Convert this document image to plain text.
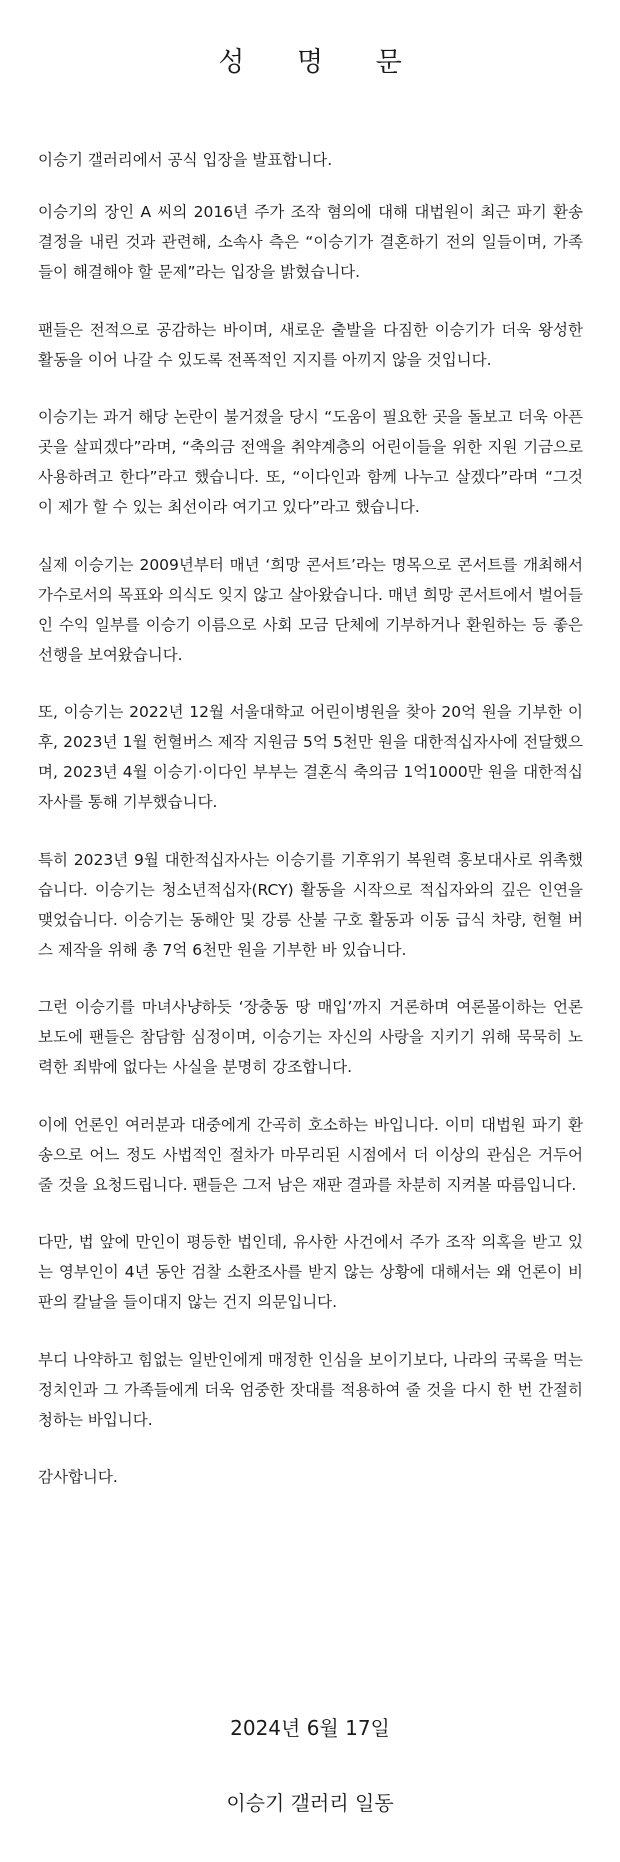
성 명 문

이승기 갤러리에서 공식 입장을 발표합니다.

이승기의 장인 A 씨의 2016년 주가 조작 혐의에 대해 대법원이 최근 파기 환송 결정을 내린 것과 관련해, 소속사 측은 “이승기가 결혼하기 전의 일들이며, 가족들이 해결해야 할 문제”라는 입장을 밝혔습니다.

팬들은 전적으로 공감하는 바이며, 새로운 출발을 다짐한 이승기가 더욱 왕성한 활동을 이어 나갈 수 있도록 전폭적인 지지를 아끼지 않을 것입니다.

이승기는 과거 해당 논란이 불거졌을 당시 “도움이 필요한 곳을 돌보고 더욱 아픈 곳을 살피겠다”라며, “축의금 전액을 취약계층의 어린이들을 위한 지원 기금으로 사용하려고 한다”라고 했습니다. 또, “이다인과 함께 나누고 살겠다”라며 “그것이 제가 할 수 있는 최선이라 여기고 있다”라고 했습니다.

실제 이승기는 2009년부터 매년 ‘희망 콘서트’라는 명목으로 콘서트를 개최해서 가수로서의 목표와 의식도 잊지 않고 살아왔습니다. 매년 희망 콘서트에서 벌어들인 수익 일부를 이승기 이름으로 사회 모금 단체에 기부하거나 환원하는 등 좋은 선행을 보여왔습니다.

또, 이승기는 2022년 12월 서울대학교 어린이병원을 찾아 20억 원을 기부한 이후, 2023년 1월 헌혈버스 제작 지원금 5억 5천만 원을 대한적십자사에 전달했으며, 2023년 4월 이승기·이다인 부부는 결혼식 축의금 1억1000만 원을 대한적십자사를 통해 기부했습니다.

특히 2023년 9월 대한적십자사는 이승기를 기후위기 복원력 홍보대사로 위촉했습니다. 이승기는 청소년적십자(RCY) 활동을 시작으로 적십자와의 깊은 인연을 맺었습니다. 이승기는 동해안 및 강릉 산불 구호 활동과 이동 급식 차량, 헌혈 버스 제작을 위해 총 7억 6천만 원을 기부한 바 있습니다.

그런 이승기를 마녀사냥하듯 ‘장충동 땅 매입’까지 거론하며 여론몰이하는 언론 보도에 팬들은 참담함 심정이며, 이승기는 자신의 사랑을 지키기 위해 묵묵히 노력한 죄밖에 없다는 사실을 분명히 강조합니다.

이에 언론인 여러분과 대중에게 간곡히 호소하는 바입니다. 이미 대법원 파기 환송으로 어느 정도 사법적인 절차가 마무리된 시점에서 더 이상의 관심은 거두어 줄 것을 요청드립니다. 팬들은 그저 남은 재판 결과를 차분히 지켜볼 따름입니다.

다만, 법 앞에 만인이 평등한 법인데, 유사한 사건에서 주가 조작 의혹을 받고 있는 영부인이 4년 동안 검찰 소환조사를 받지 않는 상황에 대해서는 왜 언론이 비판의 칼날을 들이대지 않는 건지 의문입니다.

부디 나약하고 힘없는 일반인에게 매정한 인심을 보이기보다, 나라의 국록을 먹는 정치인과 그 가족들에게 더욱 엄중한 잣대를 적용하여 줄 것을 다시 한 번 간절히 청하는 바입니다.

감사합니다.

2024년 6월 17일

이승기 갤러리 일동
